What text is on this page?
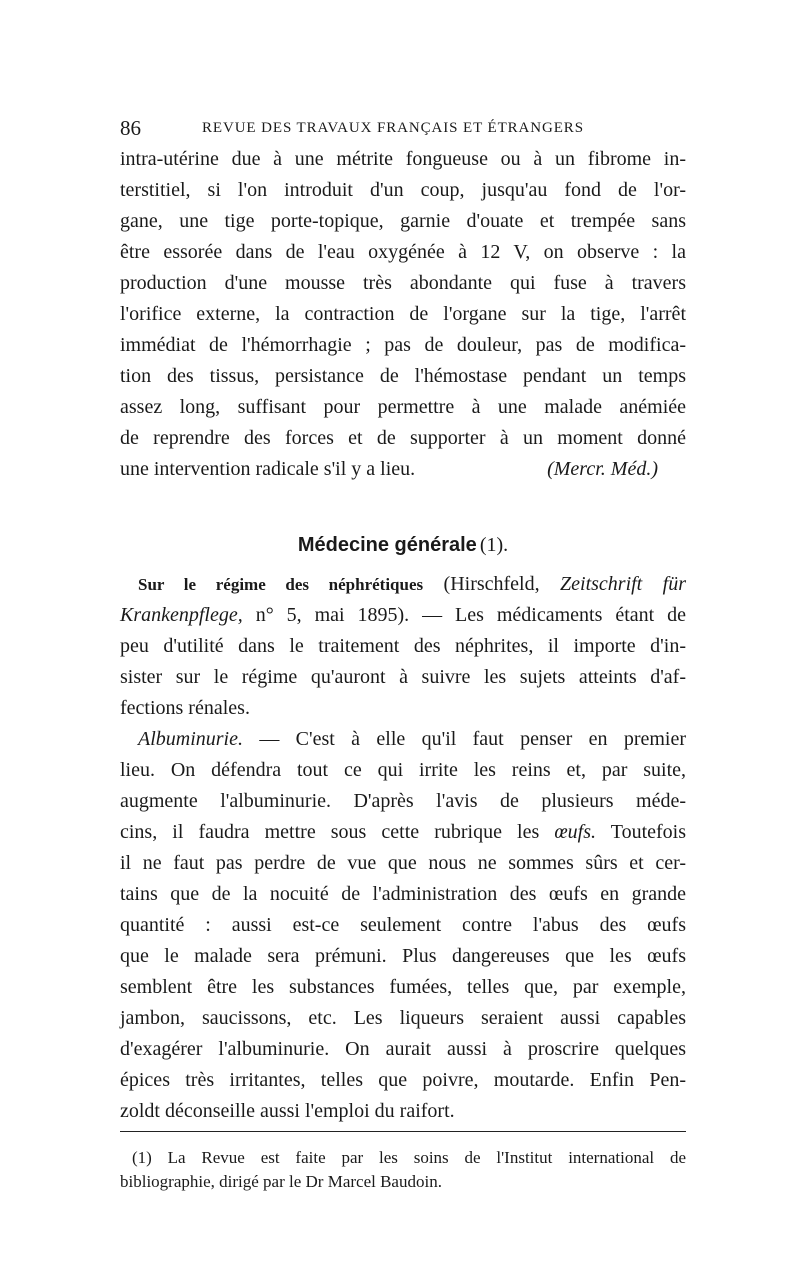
86	REVUE DES TRAVAUX FRANÇAIS ET ÉTRANGERS
intra-utérine due à une métrite fongueuse ou à un fibrome in-
terstitiel, si l'on introduit d'un coup, jusqu'au fond de l'or-
gane, une tige porte-topique, garnie d'ouate et trempée sans
être essorée dans de l'eau oxygénée à 12 V, on observe : la
production d'une mousse très abondante qui fuse à travers
l'orifice externe, la contraction de l'organe sur la tige, l'arrêt
immédiat de l'hémorrhagie ; pas de douleur, pas de modifica-
tion des tissus, persistance de l'hémostase pendant un temps
assez long, suffisant pour permettre à une malade anémiée
de reprendre des forces et de supporter à un moment donné
une intervention radicale s'il y a lieu.	(Mercr. Méd.)
Médecine générale (1).
Sur le régime des néphrétiques (Hirschfeld, Zeitschrift für
Krankenpflege, n° 5, mai 1895). — Les médicaments étant de
peu d'utilité dans le traitement des néphrites, il importe d'in-
sister sur le régime qu'auront à suivre les sujets atteints d'af-
fections rénales.
Albuminurie. — C'est à elle qu'il faut penser en premier
lieu. On défendra tout ce qui irrite les reins et, par suite,
augmente l'albuminurie. D'après l'avis de plusieurs méde-
cins, il faudra mettre sous cette rubrique les œufs. Toutefois
il ne faut pas perdre de vue que nous ne sommes sûrs et cer-
tains que de la nocuité de l'administration des œufs en grande
quantité : aussi est-ce seulement contre l'abus des œufs
que le malade sera prémuni. Plus dangereuses que les œufs
semblent être les substances fumées, telles que, par exemple,
jambon, saucissons, etc. Les liqueurs seraient aussi capables
d'exagérer l'albuminurie. On aurait aussi à proscrire quelques
épices très irritantes, telles que poivre, moutarde. Enfin Pen-
zoldt déconseille aussi l'emploi du raifort.
(1) La Revue est faite par les soins de l'Institut international de
bibliographie, dirigé par le Dr Marcel Baudoin.
